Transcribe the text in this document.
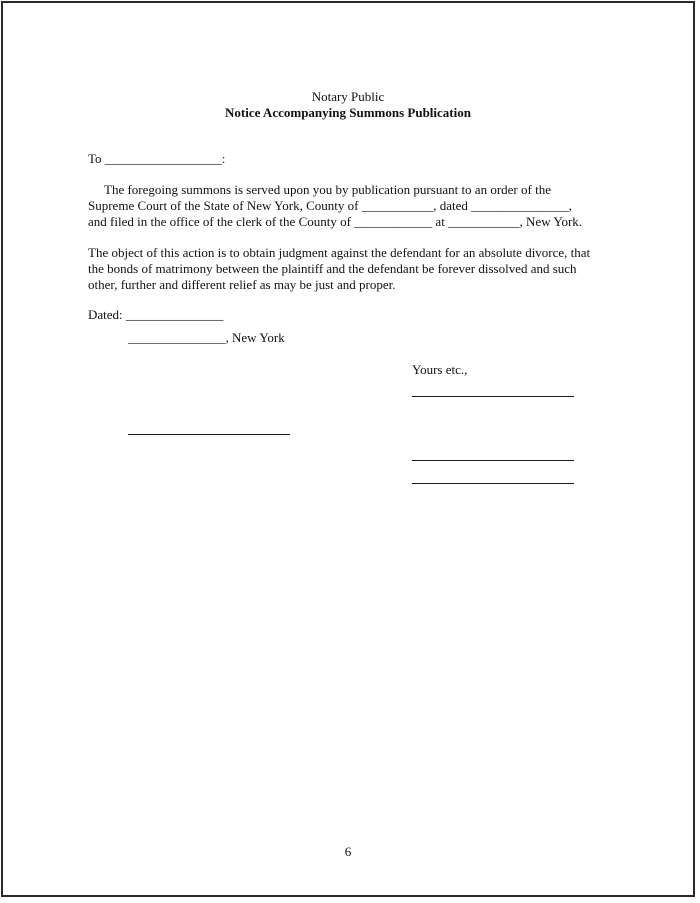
Notary Public
Notice Accompanying Summons Publication
To __________________:
The foregoing summons is served upon you by publication pursuant to an order of the
Supreme Court of the State of New York, County of ___________, dated _______________,
and filed in the office of the clerk of the County of ____________ at ___________, New York.
The object of this action is to obtain judgment against the defendant for an absolute divorce, that
the bonds of matrimony between the plaintiff and the defendant be forever dissolved and such
other, further and different relief as may be just and proper.
Dated: _______________
_______________, New York
Yours etc.,
6
